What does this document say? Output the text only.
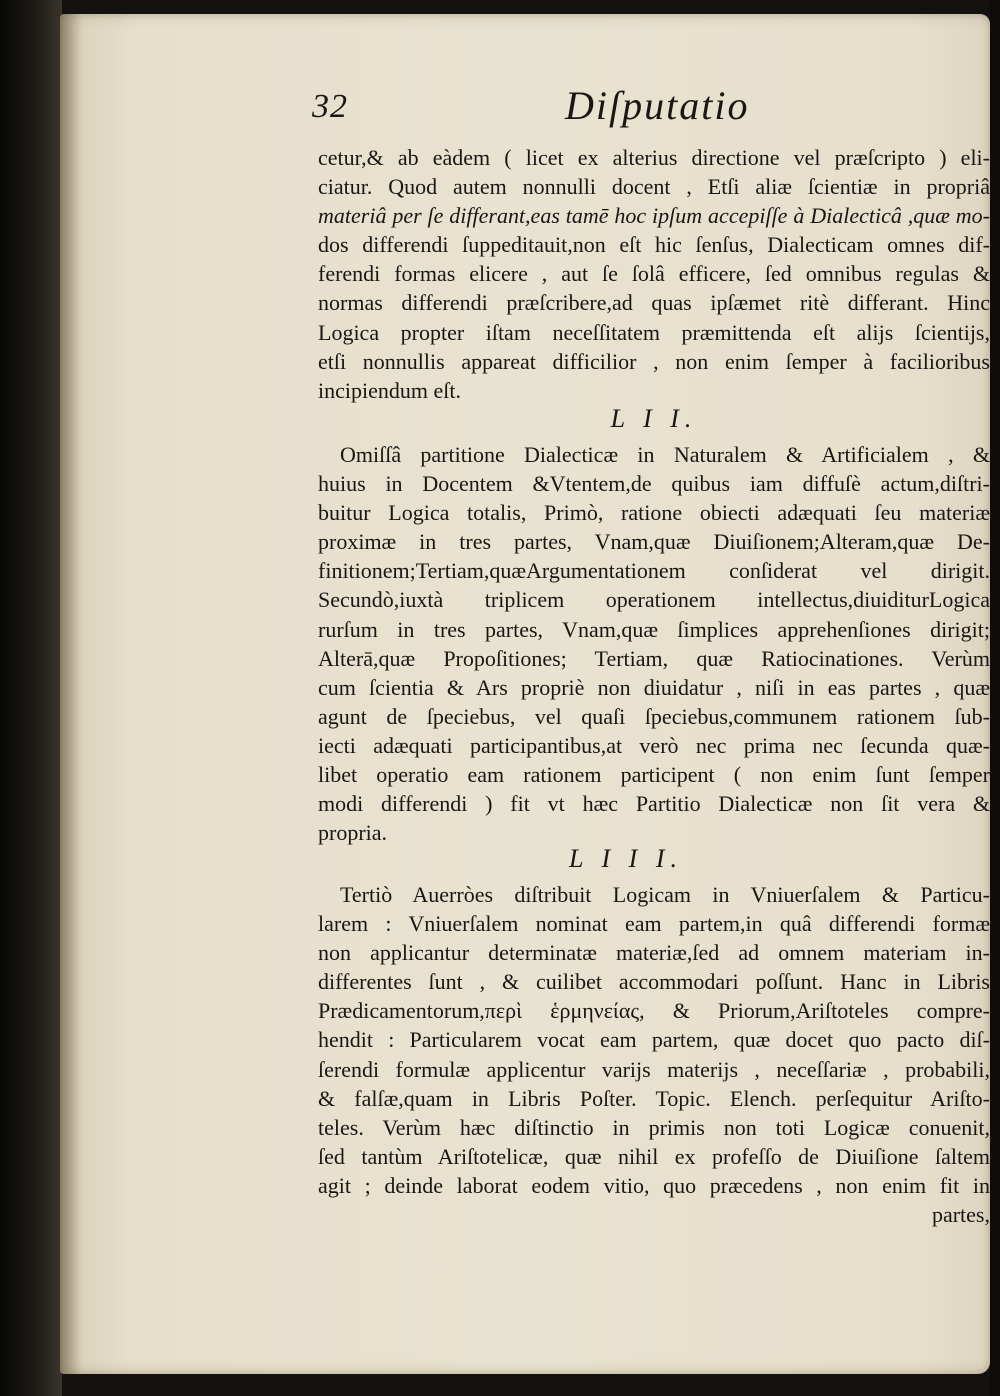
32	Diſputatio
cetur,& ab eàdem ( licet ex alterius directione vel præſcripto ) eli-
ciatur. Quod autem nonnulli docent , Etſi aliæ ſcientiæ in propriâ
materiâ per ſe differant,eas tamē hoc ipſum accepiſſe à Dialecticâ ,quæ mo-
dos differendi ſuppeditauit,non eſt hic ſenſus, Dialecticam omnes dif-
ferendi formas elicere , aut ſe ſolâ efficere, ſed omnibus regulas &
normas differendi præſcribere,ad quas ipſæmet ritè differant. Hinc
Logica propter iſtam neceſſitatem præmittenda eſt alijs ſcientijs,
etſi nonnullis appareat difficilior , non enim ſemper à facilioribus
incipiendum eſt.
L I I.
Omiſſâ partitione Dialecticæ in Naturalem & Artificialem , &
huius in Docentem &Vtentem,de quibus iam diffuſè actum,diſtri-
buitur Logica totalis, Primò, ratione obiecti adæquati ſeu materiæ
proximæ in tres partes, Vnam,quæ Diuiſionem;Alteram,quæ De-
finitionem;Tertiam,quæArgumentationem conſiderat vel dirigit.
Secundò,iuxtà triplicem operationem intellectus,diuiditurLogica
rurſum in tres partes, Vnam,quæ ſimplices apprehenſiones dirigit;
Alterā,quæ Propoſitiones; Tertiam, quæ Ratiocinationes. Verùm
cum ſcientia & Ars propriè non diuidatur , niſi in eas partes , quæ
agunt de ſpeciebus, vel quaſi ſpeciebus,communem rationem ſub-
iecti adæquati participantibus,at verò nec prima nec ſecunda quæ-
libet operatio eam rationem participent ( non enim ſunt ſemper
modi differendi ) fit vt hæc Partitio Dialecticæ non ſit vera &
propria.
L I I I.
Tertiò Auerròes diſtribuit Logicam in Vniuerſalem & Particu-
larem : Vniuerſalem nominat eam partem,in quâ differendi formæ
non applicantur determinatæ materiæ,ſed ad omnem materiam in-
differentes ſunt , & cuilibet accommodari poſſunt. Hanc in Libris
Prædicamentorum,περὶ ἑρμηνείας, & Priorum,Ariſtoteles compre-
hendit : Particularem vocat eam partem, quæ docet quo pacto diſ-
ſerendi formulæ applicentur varijs materijs , neceſſariæ , probabili,
& falſæ,quam in Libris Poſter. Topic. Elench. perſequitur Ariſto-
teles. Verùm hæc diſtinctio in primis non toti Logicæ conuenit,
ſed tantùm Ariſtotelicæ, quæ nihil ex profeſſo de Diuiſione ſaltem
agit ; deinde laborat eodem vitio, quo præcedens , non enim fit in
partes,
